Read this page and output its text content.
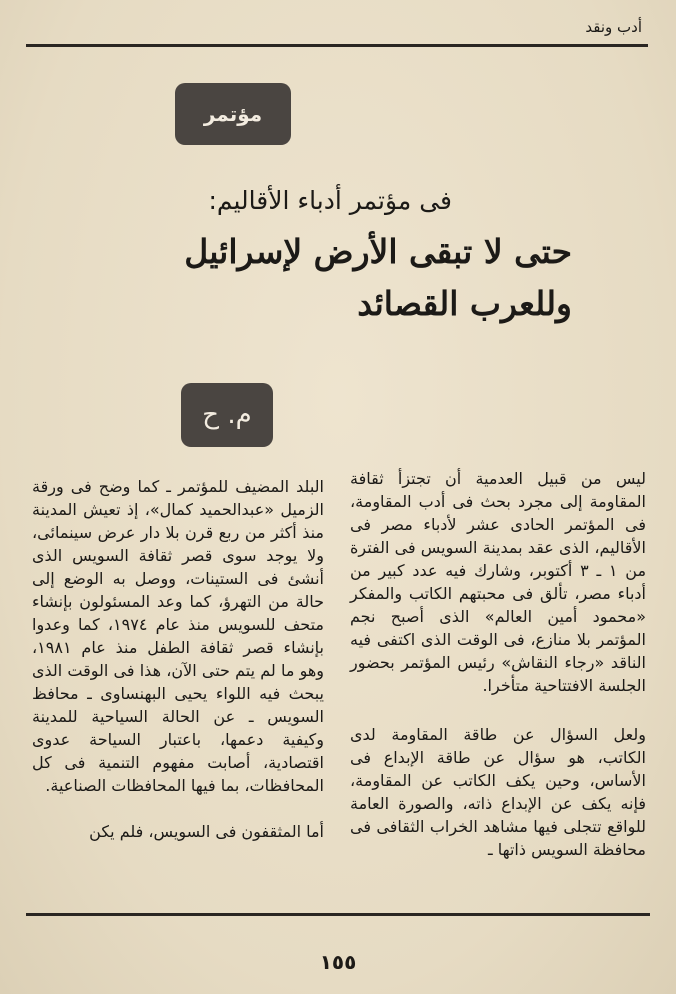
أدب ونقد
مؤتمر
فى مؤتمر أدباء الأقاليم:
حتى لا تبقى الأرض لإسرائيل
وللعرب القصائد
م. ح

ليس من قبيل العدمية أن تجتزأ ثقافة المقاومة إلى مجرد بحث فى أدب المقاومة، فى المؤتمر الحادى عشر لأدباء مصر فى الأقاليم، الذى عقد بمدينة السويس فى الفترة من ١ ـ ٣ أكتوبر، وشارك فيه عدد كبير من أدباء مصر، تألق فى محبتهم الكاتب والمفكر «محمود أمين العالم» الذى أصبح نجم المؤتمر بلا منازع، فى الوقت الذى اكتفى فيه الناقد «رجاء النقاش» رئيس المؤتمر بحضور الجلسة الافتتاحية متأخرا.

ولعل السؤال عن طاقة المقاومة لدى الكاتب، هو سؤال عن طاقة الإبداع فى الأساس، وحين يكف الكاتب عن المقاومة، فإنه يكف عن الإبداع ذاته، والصورة العامة للواقع تتجلى فيها مشاهد الخراب الثقافى فى محافظة السويس ذاتها ـ

البلد المضيف للمؤتمر ـ كما وضح فى ورقة الزميل «عبدالحميد كمال»، إذ تعيش المدينة منذ أكثر من ربع قرن بلا دار عرض سينمائى، ولا يوجد سوى قصر ثقافة السويس الذى أنشئ فى الستينات، ووصل به الوضع إلى حالة من التهرؤ، كما وعد المسئولون بإنشاء متحف للسويس منذ عام ١٩٧٤، كما وعدوا بإنشاء قصر ثقافة الطفل منذ عام ١٩٨١، وهو ما لم يتم حتى الآن، هذا فى الوقت الذى يبحث فيه اللواء يحيى البهنساوى ـ محافظ السويس ـ عن الحالة السياحية للمدينة وكيفية دعمها، باعتبار السياحة عدوى اقتصادية، أصابت مفهوم التنمية فى كل المحافظات، بما فيها المحافظات الصناعية.

أما المثقفون فى السويس، فلم يكن

١٥٥
